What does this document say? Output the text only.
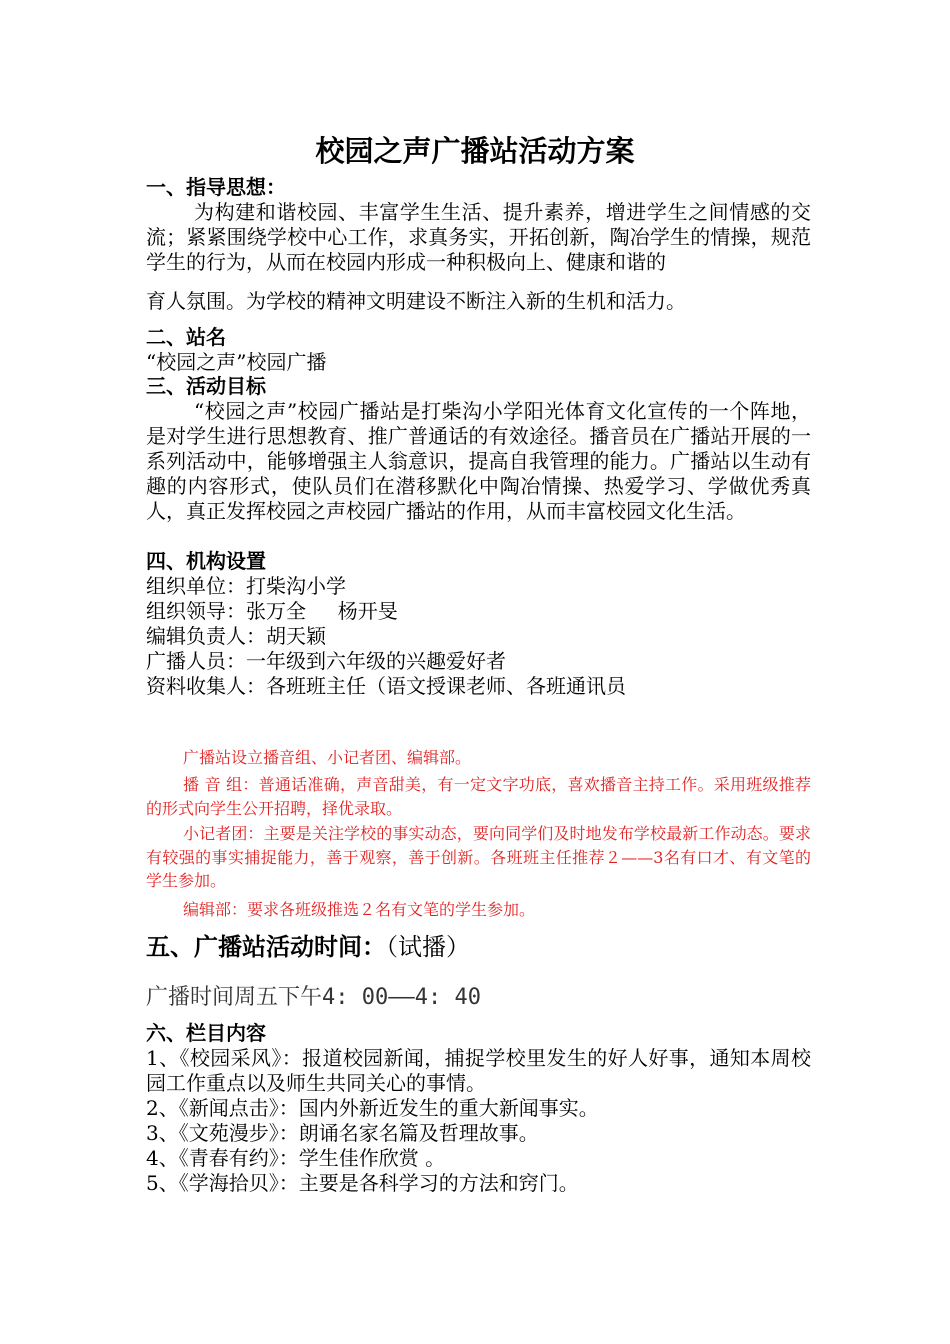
校园之声广播站活动方案
一、指导思想：
为构建和谐校园、丰富学生生活、提升素养，增进学生之间情感的交流；紧紧围绕学校中心工作，求真务实，开拓创新，陶冶学生的情操，规范学生的行为，从而在校园内形成一种积极向上、健康和谐的
育人氛围。为学校的精神文明建设不断注入新的生机和活力。
二、站名
“校园之声”校园广播
三、活动目标
“校园之声”校园广播站是打柴沟小学阳光体育文化宣传的一个阵地，是对学生进行思想教育、推广普通话的有效途径。播音员在广播站开展的一系列活动中，能够增强主人翁意识，提高自我管理的能力。广播站以生动有趣的内容形式，使队员们在潜移默化中陶冶情操、热爱学习、学做优秀真人，真正发挥校园之声校园广播站的作用，从而丰富校园文化生活。
四、机构设置
组织单位：打柴沟小学
组织领导：张万全     杨开旻
编辑负责人：胡天颖
广播人员：一年级到六年级的兴趣爱好者
资料收集人：各班班主任（语文授课老师、各班通讯员
广播站设立播音组、小记者团、编辑部。
播 音 组：普通话准确，声音甜美，有一定文字功底，喜欢播音主持工作。采用班级推荐的形式向学生公开招聘，择优录取。
小记者团：主要是关注学校的事实动态，要向同学们及时地发布学校最新工作动态。要求有较强的事实捕捉能力，善于观察，善于创新。各班班主任推荐２——3名有口才、有文笔的学生参加。
编辑部：要求各班级推选２名有文笔的学生参加。
五、广播站活动时间：（试播）
广播时间周五下午4: 00——4: 40
六、栏目内容
1、《校园采风》：报道校园新闻，捕捉学校里发生的好人好事，通知本周校园工作重点以及师生共同关心的事情。
2、《新闻点击》：国内外新近发生的重大新闻事实。
3、《文苑漫步》：朗诵名家名篇及哲理故事。
4、《青春有约》：学生佳作欣赏 。
5、《学海拾贝》：主要是各科学习的方法和窍门。
